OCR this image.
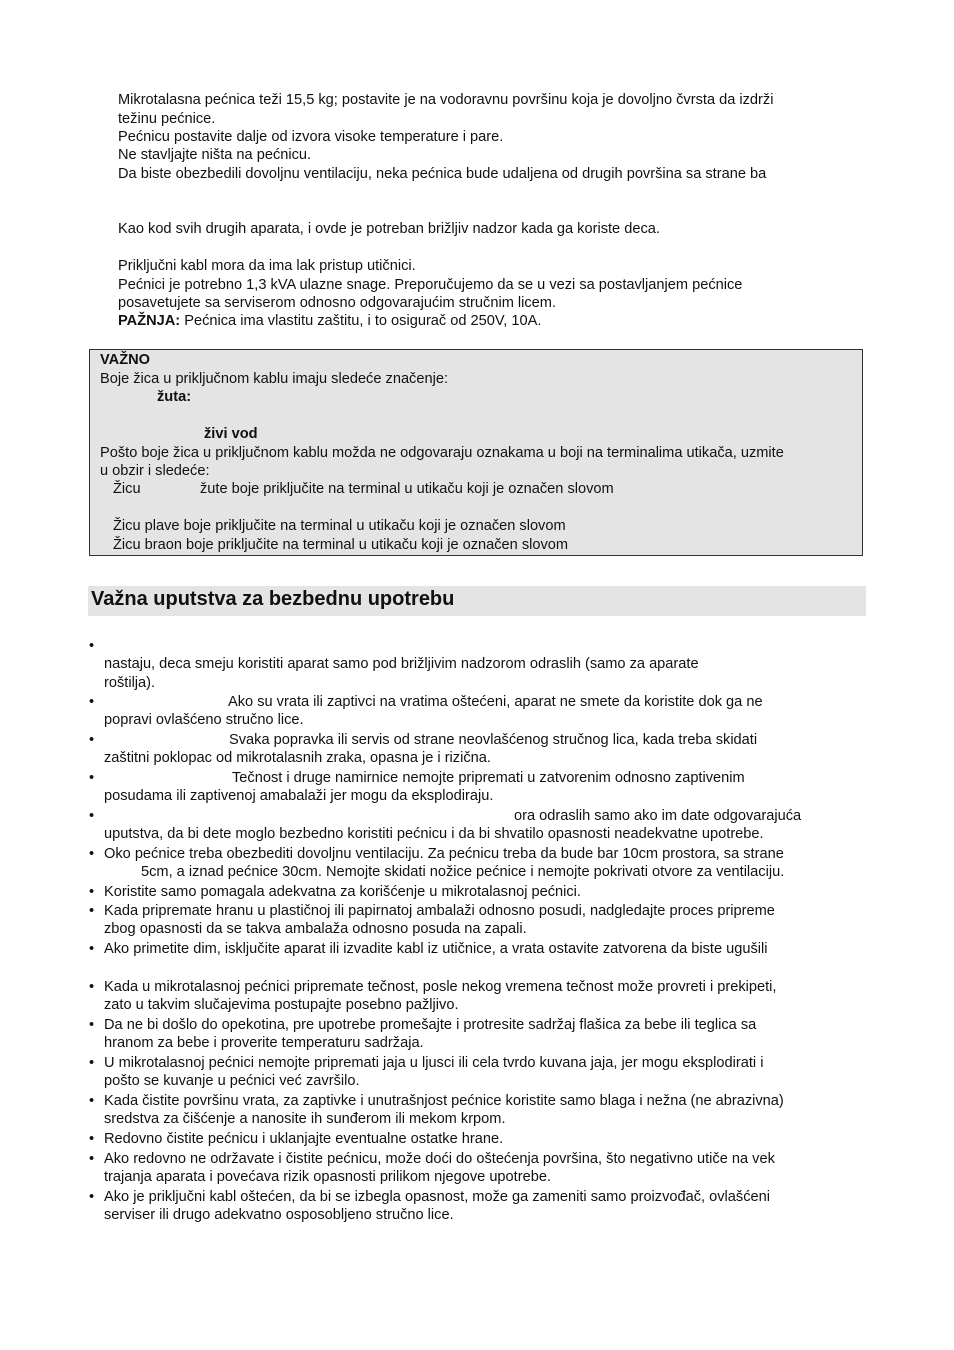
Mikrotalasna pećnica teži 15,5 kg; postavite je na vodoravnu površinu koja je dovoljno čvrsta da izdrži

težinu pećnice.

Pećnicu postavite dalje od izvora visoke temperature i pare.

Ne stavljajte ništa na pećnicu.

Da biste obezbedili dovoljnu ventilaciju, neka pećnica bude udaljena od drugih površina sa strane ba

Kao kod svih drugih aparata, i ovde je potreban brižljiv nadzor kada ga koriste deca.

Priključni kabl mora da ima lak pristup utičnici.

Pećnici je potrebno 1,3 kVA ulazne snage. Preporučujemo da se u vezi sa postavljanjem pećnice

posavetujete sa serviserom odnosno odgovarajućim stručnim licem.

PAŽNJA: Pećnica ima vlastitu zaštitu, i to osigurač od 250V, 10A.

VAŽNO
Boje žica u priključnom kablu imaju sledeće značenje:
žuta:
živi vod
Pošto boje žica u priključnom kablu možda ne odgovaraju oznakama u boji na terminalima utikača, uzmite
u obzir i sledeće:
Žicu	žute boje priključite na terminal u utikaču koji je označen slovom
Žicu plave boje priključite na terminal u utikaču koji je označen slovom
Žicu braon boje priključite na terminal u utikaču koji je označen slovom
Važna uputstva za bezbednu upotrebu
•

nastaju, deca smeju koristiti aparat samo pod brižljivim nadzorom odraslih (samo za aparate

roštilja).

•	Ako su vrata ili zaptivci na vratima oštećeni, aparat ne smete da koristite dok ga ne

popravi ovlašćeno stručno lice.

•	Svaka popravka ili servis od strane neovlašćenog stručnog lica, kada treba skidati

zaštitni poklopac od mikrotalasnih zraka, opasna je i rizična.

•	Tečnost i druge namirnice nemojte pripremati u zatvorenim odnosno zaptivenim

posudama ili zaptivenoj amabalaži jer mogu da eksplodiraju.

•	ora odraslih samo ako im date odgovarajuća

uputstva, da bi dete moglo bezbedno koristiti pećnicu i da bi shvatilo opasnosti neadekvatne upotrebe.

• Oko pećnice treba obezbediti dovoljnu ventilaciju. Za pećnicu treba da bude bar 10cm prostora, sa strane

5cm, a iznad pećnice 30cm. Nemojte skidati nožice pećnice i nemojte pokrivati otvore za ventilaciju.

• Koristite samo pomagala adekvatna za korišćenje u mikrotalasnoj pećnici.

• Kada pripremate hranu u plastičnoj ili papirnatoj ambalaži odnosno posudi, nadgledajte proces pripreme

zbog opasnosti da se takva ambalaža odnosno posuda na zapali.

• Ako primetite dim, isključite aparat ili izvadite kabl iz utičnice, a vrata ostavite zatvorena da biste ugušili

• Kada u mikrotalasnoj pećnici pripremate tečnost, posle nekog vremena tečnost može provreti i prekipeti,

zato u takvim slučajevima postupajte posebno pažljivo.

• Da ne bi došlo do opekotina, pre upotrebe promešajte i protresite sadržaj flašica za bebe ili teglica sa

hranom za bebe i proverite temperaturu sadržaja.

• U mikrotalasnoj pećnici nemojte pripremati jaja u ljusci ili cela tvrdo kuvana jaja, jer mogu eksplodirati i

pošto se kuvanje u pećnici već završilo.

• Kada čistite površinu vrata, za zaptivke i unutrašnjost pećnice koristite samo blaga i nežna (ne abrazivna)

sredstva za čišćenje a nanosite ih sunđerom ili mekom krpom.

• Redovno čistite pećnicu i uklanjajte eventualne ostatke hrane.

• Ako redovno ne održavate i čistite pećnicu, može doći do oštećenja površina, što negativno utiče na vek

trajanja aparata i povećava rizik opasnosti prilikom njegove upotrebe.

• Ako je priključni kabl oštećen, da bi se izbegla opasnost, može ga zameniti samo proizvođač, ovlašćeni

serviser ili drugo adekvatno osposobljeno stručno lice.
